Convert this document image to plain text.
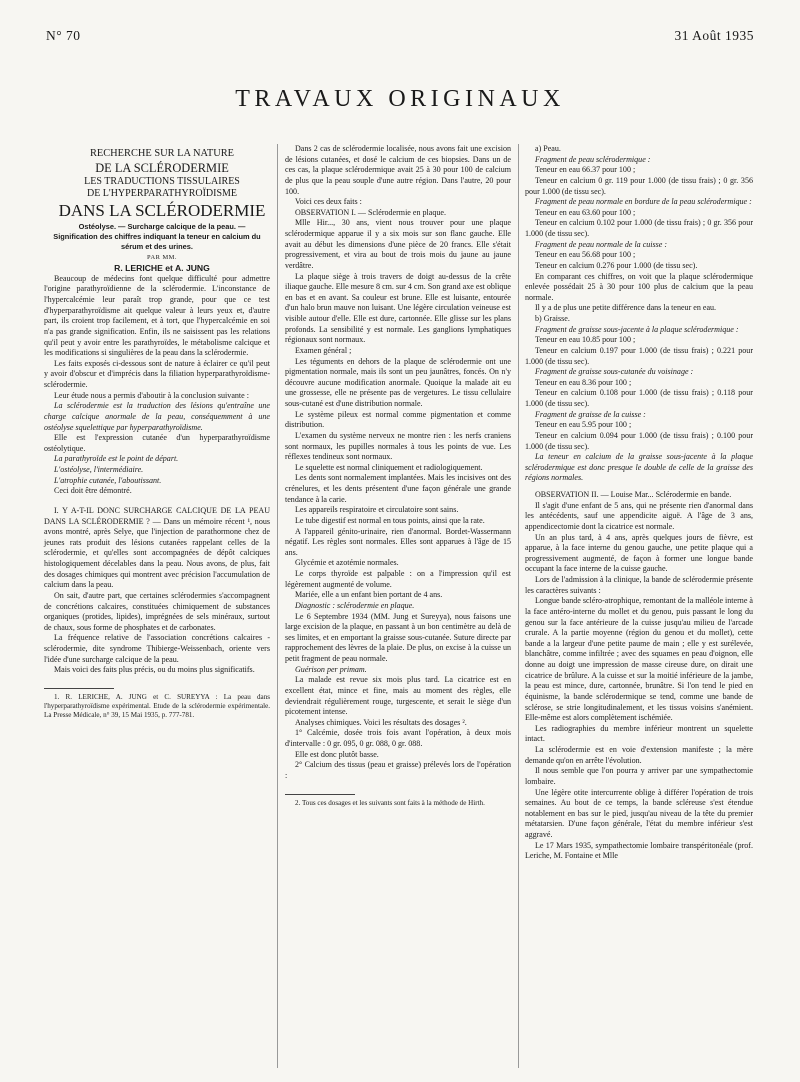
N° 70	31 Août 1935
TRAVAUX ORIGINAUX

RECHERCHE SUR LA NATURE

DE LA SCLÉRODERMIE

LES TRADUCTIONS TISSULAIRES

DE L'HYPERPARATHYROÏDISME

DANS LA SCLÉRODERMIE

Ostéolyse. — Surcharge calcique de la peau. — Signification des chiffres indiquant la teneur en calcium du sérum et des urines.

PAR MM.

R. LERICHE et A. JUNG

Beaucoup de médecins font quelque difficulté pour admettre l'origine parathyroïdienne de la sclérodermie. L'inconstance de l'hypercalcémie leur paraît trop grande, pour que ce test d'hyperparathyroïdisme ait quelque valeur à leurs yeux et, d'autre part, ils croient trop facilement, et à tort, que l'hypercalcémie en soi n'a pas grande signification. Enfin, ils ne saisissent pas les relations qu'il peut y avoir entre les parathyroïdes, le métabolisme calcique et les modifications si singulières de la peau dans la sclérodermie.

Les faits exposés ci-dessous sont de nature à éclairer ce qu'il peut y avoir d'obscur et d'imprécis dans la filiation hyperparathyroïdisme-sclérodermie.

Leur étude nous a permis d'aboutir à la conclusion suivante :

La sclérodermie est la traduction des lésions qu'entraîne une charge calcique anormale de la peau, conséquemment à une ostéolyse squelettique par hyperparathyroïdisme.

Elle est l'expression cutanée d'un hyperparathyroïdisme ostéolytique.

La parathyroïde est le point de départ.

L'ostéolyse, l'intermédiaire.

L'atrophie cutanée, l'aboutissant.

Ceci doit être démontré.

I. Y A-T-IL DONC SURCHARGE CALCIQUE DE LA PEAU DANS LA SCLÉRODERMIE ? — Dans un mémoire récent ¹, nous avons montré, après Selye, que l'injection de parathormone chez de jeunes rats produit des lésions cutanées rappelant celles de la sclérodermie, et qu'elles sont accompagnées de dépôt calciques histologiquement décelables dans la peau. Nous avons, de plus, fait des dosages chimiques qui montrent avec précision l'accumulation de calcium dans la peau.

On sait, d'autre part, que certaines sclérodermies s'accompagnent de concrétions calcaires, constituées chimiquement de substances organiques (protides, lipides), imprégnées de sels minéraux, surtout de chaux, sous forme de phosphates et de carbonates.

La fréquence relative de l'association concrétions calcaires - sclérodermie, dite syndrome Thibierge-Weissenbach, oriente vers l'idée d'une surcharge calcique de la peau.

Mais voici des faits plus précis, ou du moins plus significatifs.

1. R. LERICHE, A. JUNG et C. SUREYYA : La peau dans l'hyperparathyroïdisme expérimental. Etude de la sclérodermie expérimentale. La Presse Médicale, n° 39, 15 Mai 1935, p. 777-781.

Dans 2 cas de sclérodermie localisée, nous avons fait une excision de lésions cutanées, et dosé le calcium de ces biopsies. Dans un de ces cas, la plaque sclérodermique avait 25 à 30 pour 100 de calcium de plus que la peau souple d'une autre région. Dans l'autre, 20 pour 100.

Voici ces deux faits :

OBSERVATION I. — Sclérodermie en plaque.

Mlle Hir..., 30 ans, vient nous trouver pour une plaque sclérodermique apparue il y a six mois sur son flanc gauche. Elle avait au début les dimensions d'une pièce de 20 francs. Elle s'était progressivement, et vira au bout de trois mois du jaune au jaune verdâtre.

La plaque siège à trois travers de doigt au-dessus de la crête iliaque gauche. Elle mesure 8 cm. sur 4 cm. Son grand axe est oblique en bas et en avant. Sa couleur est brune. Elle est luisante, entourée d'un halo brun mauve non luisant. Une légère circulation veineuse est visible autour d'elle. Elle est dure, cartonnée. Elle glisse sur les plans profonds. La sensibilité y est normale. Les ganglions lymphatiques régionaux sont normaux.

Examen général ;

Les téguments en dehors de la plaque de sclérodermie ont une pigmentation normale, mais ils sont un peu jaunâtres, foncés. On n'y découvre aucune modification anormale. Quoique la malade ait eu une grossesse, elle ne présente pas de vergetures. Le tissu cellulaire sous-cutané est d'une distribution normale.

Le système pileux est normal comme pigmentation et comme distribution.

L'examen du système nerveux ne montre rien : les nerfs craniens sont normaux, les pupilles normales à tous les points de vue. Les réflexes tendineux sont normaux.

Le squelette est normal cliniquement et radiologiquement.

Les dents sont normalement implantées. Mais les incisives ont des crénelures, et les dents présentent d'une façon générale une grande tendance à la carie.

Les appareils respiratoire et circulatoire sont sains.

Le tube digestif est normal en tous points, ainsi que la rate.

A l'appareil génito-urinaire, rien d'anormal. Bordet-Wassermann négatif. Les règles sont normales. Elles sont apparues à l'âge de 15 ans.

Glycémie et azotémie normales.

Le corps thyroïde est palpable : on a l'impression qu'il est légèrement augmenté de volume.

Mariée, elle a un enfant bien portant de 4 ans.

Diagnostic : sclérodermie en plaque.

Le 6 Septembre 1934 (MM. Jung et Sureyya), nous faisons une large excision de la plaque, en passant à un bon centimètre au delà de ses limites, et en emportant la graisse sous-cutanée. Suture directe par rapprochement des lèvres de la plaie. De plus, on excise à la cuisse un petit fragment de peau normale.

Guérison per primam.

La malade est revue six mois plus tard. La cicatrice est en excellent état, mince et fine, mais au moment des règles, elle deviendrait régulièrement rouge, turgescente, et serait le siège d'un picotement intense.

Analyses chimiques. Voici les résultats des dosages ².

1° Calcémie, dosée trois fois avant l'opération, à deux mois d'intervalle : 0 gr. 095, 0 gr. 088, 0 gr. 088.

Elle est donc plutôt basse.

2° Calcium des tissus (peau et graisse) prélevés lors de l'opération :

2. Tous ces dosages et les suivants sont faits à la méthode de Hirth.

a) Peau.

Fragment de peau sclérodermique :

Teneur en eau 66.37 pour 100 ;

Teneur en calcium 0 gr. 119 pour 1.000 (de tissu frais) ; 0 gr. 356 pour 1.000 (de tissu sec).

Fragment de peau normale en bordure de la peau sclérodermique :

Teneur en eau 63.60 pour 100 ;

Teneur en calcium 0.102 pour 1.000 (de tissu frais) ; 0 gr. 356 pour 1.000 (de tissu sec).

Fragment de peau normale de la cuisse :

Teneur en eau 56.68 pour 100 ;

Teneur en calcium 0.276 pour 1.000 (de tissu sec).

En comparant ces chiffres, on voit que la plaque sclérodermique enlevée possédait 25 à 30 pour 100 plus de calcium que la peau normale.

Il y a de plus une petite différence dans la teneur en eau.

b) Graisse.

Fragment de graisse sous-jacente à la plaque sclérodermique :

Teneur en eau 10.85 pour 100 ;

Teneur en calcium 0.197 pour 1.000 (de tissu frais) ; 0.221 pour 1.000 (de tissu sec).

Fragment de graisse sous-cutanée du voisinage :

Teneur en eau 8.36 pour 100 ;

Teneur en calcium 0.108 pour 1.000 (de tissu frais) ; 0.118 pour 1.000 (de tissu sec).

Fragment de graisse de la cuisse :

Teneur en eau 5.95 pour 100 ;

Teneur en calcium 0.094 pour 1.000 (de tissu frais) ; 0.100 pour 1.000 (de tissu sec).

La teneur en calcium de la graisse sous-jacente à la plaque sclérodermique est donc presque le double de celle de la graisse des régions normales.

OBSERVATION II. — Louise Mar... Sclérodermie en bande.

Il s'agit d'une enfant de 5 ans, qui ne présente rien d'anormal dans les antécédents, sauf une appendicite aiguë. A l'âge de 3 ans, appendicectomie dont la cicatrice est normale.

Un an plus tard, à 4 ans, après quelques jours de fièvre, est apparue, à la face interne du genou gauche, une petite plaque qui a progressivement augmenté, de façon à former une longue bande occupant la face interne de la cuisse gauche.

Lors de l'admission à la clinique, la bande de sclérodermie présente les caractères suivants :

Longue bande scléro-atrophique, remontant de la malléole interne à la face antéro-interne du mollet et du genou, puis passant le long du genou sur la face antérieure de la cuisse jusqu'au milieu de l'arcade crurale. A la partie moyenne (région du genou et du mollet), cette bande a la largeur d'une petite paume de main ; elle y est surélevée, blanchâtre, comme infiltrée ; avec des squames en peau d'oignon, elle donne au doigt une impression de masse cireuse dure, on dirait une cicatrice de brûlure. A la cuisse et sur la moitié inférieure de la jambe, la peau est mince, dure, cartonnée, brunâtre. Si l'on tend le pied en équinisme, la bande sclérodermique se tend, comme une bande de sclérose, se strie longitudinalement, et les tissus voisins s'anémient. Elle-même est alors complètement ischémiée.

Les radiographies du membre inférieur montrent un squelette intact.

La sclérodermie est en voie d'extension manifeste ; la mère demande qu'on en arrête l'évolution.

Il nous semble que l'on pourra y arriver par une sympathectomie lombaire.

Une légère otite intercurrente oblige à différer l'opération de trois semaines. Au bout de ce temps, la bande scléreuse s'est étendue notablement en bas sur le pied, jusqu'au niveau de la tête du premier métatarsien. D'une façon générale, l'état du membre inférieur s'est aggravé.

Le 17 Mars 1935, sympathectomie lombaire transpéritonéale (prof. Leriche, M. Fontaine et Mlle
